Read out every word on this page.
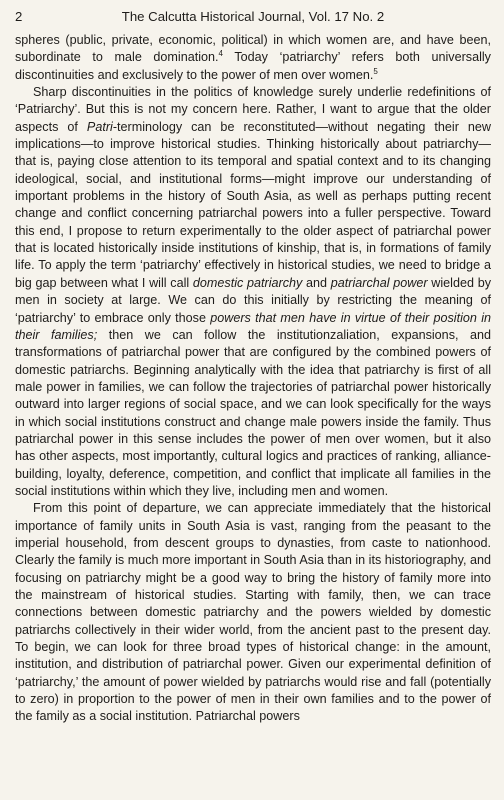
2	The Calcutta Historical Journal, Vol. 17 No. 2

spheres (public, private, economic, political) in which women are, and have been, subordinate to male domination.$^4$ Today ‘patriarchy’ refers both universally discontinuities and exclusively to the power of men over women.$^5$

Sharp discontinuities in the politics of knowledge surely underlie redefinitions of ‘Patriarchy’. But this is not my concern here. Rather, I want to argue that the older aspects of Patri-terminology can be reconstituted—without negating their new implications—to improve historical studies. Thinking historically about patriarchy—that is, paying close attention to its temporal and spatial context and to its changing ideological, social, and institutional forms—might improve our understanding of important problems in the history of South Asia, as well as perhaps putting recent change and conflict concerning patriarchal powers into a fuller perspective. Toward this end, I propose to return experimentally to the older aspect of patriarchal power that is located historically inside institutions of kinship, that is, in formations of family life. To apply the term ‘patriarchy’ effectively in historical studies, we need to bridge a big gap between what I will call domestic patriarchy and patriarchal power wielded by men in society at large. We can do this initially by restricting the meaning of ‘patriarchy’ to embrace only those powers that men have in virtue of their position in their families; then we can follow the institutionzaliation, expansions, and transformations of patriarchal power that are configured by the combined powers of domestic patriarchs. Beginning analytically with the idea that patriarchy is first of all male power in families, we can follow the trajectories of patriarchal power historically outward into larger regions of social space, and we can look specifically for the ways in which social institutions construct and change male powers inside the family. Thus patriarchal power in this sense includes the power of men over women, but it also has other aspects, most importantly, cultural logics and practices of ranking, alliance-building, loyalty, deference, competition, and conflict that implicate all families in the social institutions within which they live, including men and women.

From this point of departure, we can appreciate immediately that the historical importance of family units in South Asia is vast, ranging from the peasant to the imperial household, from descent groups to dynasties, from caste to nationhood. Clearly the family is much more important in South Asia than in its historiography, and focusing on patriarchy might be a good way to bring the history of family more into the mainstream of historical studies. Starting with family, then, we can trace connections between domestic patriarchy and the powers wielded by domestic patriarchs collectively in their wider world, from the ancient past to the present day. To begin, we can look for three broad types of historical change: in the amount, institution, and distribution of patriarchal power. Given our experimental definition of ‘patriarchy,’ the amount of power wielded by patriarchs would rise and fall (potentially to zero) in proportion to the power of men in their own families and to the power of the family as a social institution. Patriarchal powers
